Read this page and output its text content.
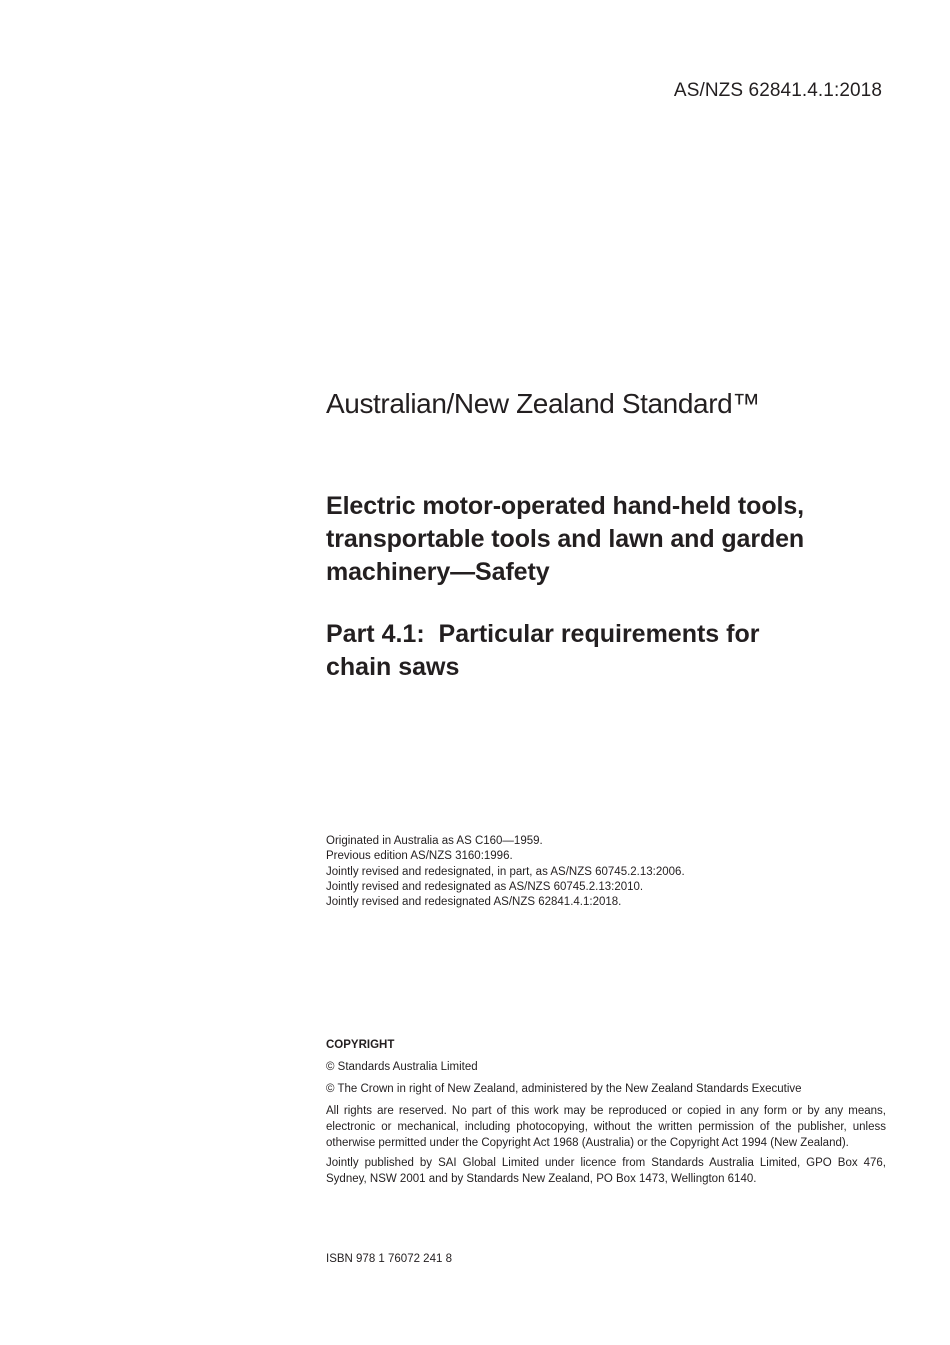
AS/NZS 62841.4.1:2018
Australian/New Zealand Standard™
Electric motor-operated hand-held tools,
transportable tools and lawn and garden
machinery—Safety
Part 4.1:  Particular requirements for
chain saws
Originated in Australia as AS C160—1959.
Previous edition AS/NZS 3160:1996.
Jointly revised and redesignated, in part, as AS/NZS 60745.2.13:2006.
Jointly revised and redesignated as AS/NZS 60745.2.13:2010.
Jointly revised and redesignated AS/NZS 62841.4.1:2018.
COPYRIGHT

© Standards Australia Limited

© The Crown in right of New Zealand, administered by the New Zealand Standards Executive

All rights are reserved. No part of this work may be reproduced or copied in any form or by any means, electronic or mechanical, including photocopying, without the written permission of the publisher, unless otherwise permitted under the Copyright Act 1968 (Australia) or the Copyright Act 1994 (New Zealand).

Jointly published by SAI Global Limited under licence from Standards Australia Limited, GPO Box 476, Sydney, NSW 2001 and by Standards New Zealand, PO Box 1473, Wellington 6140.

ISBN 978 1 76072 241 8
